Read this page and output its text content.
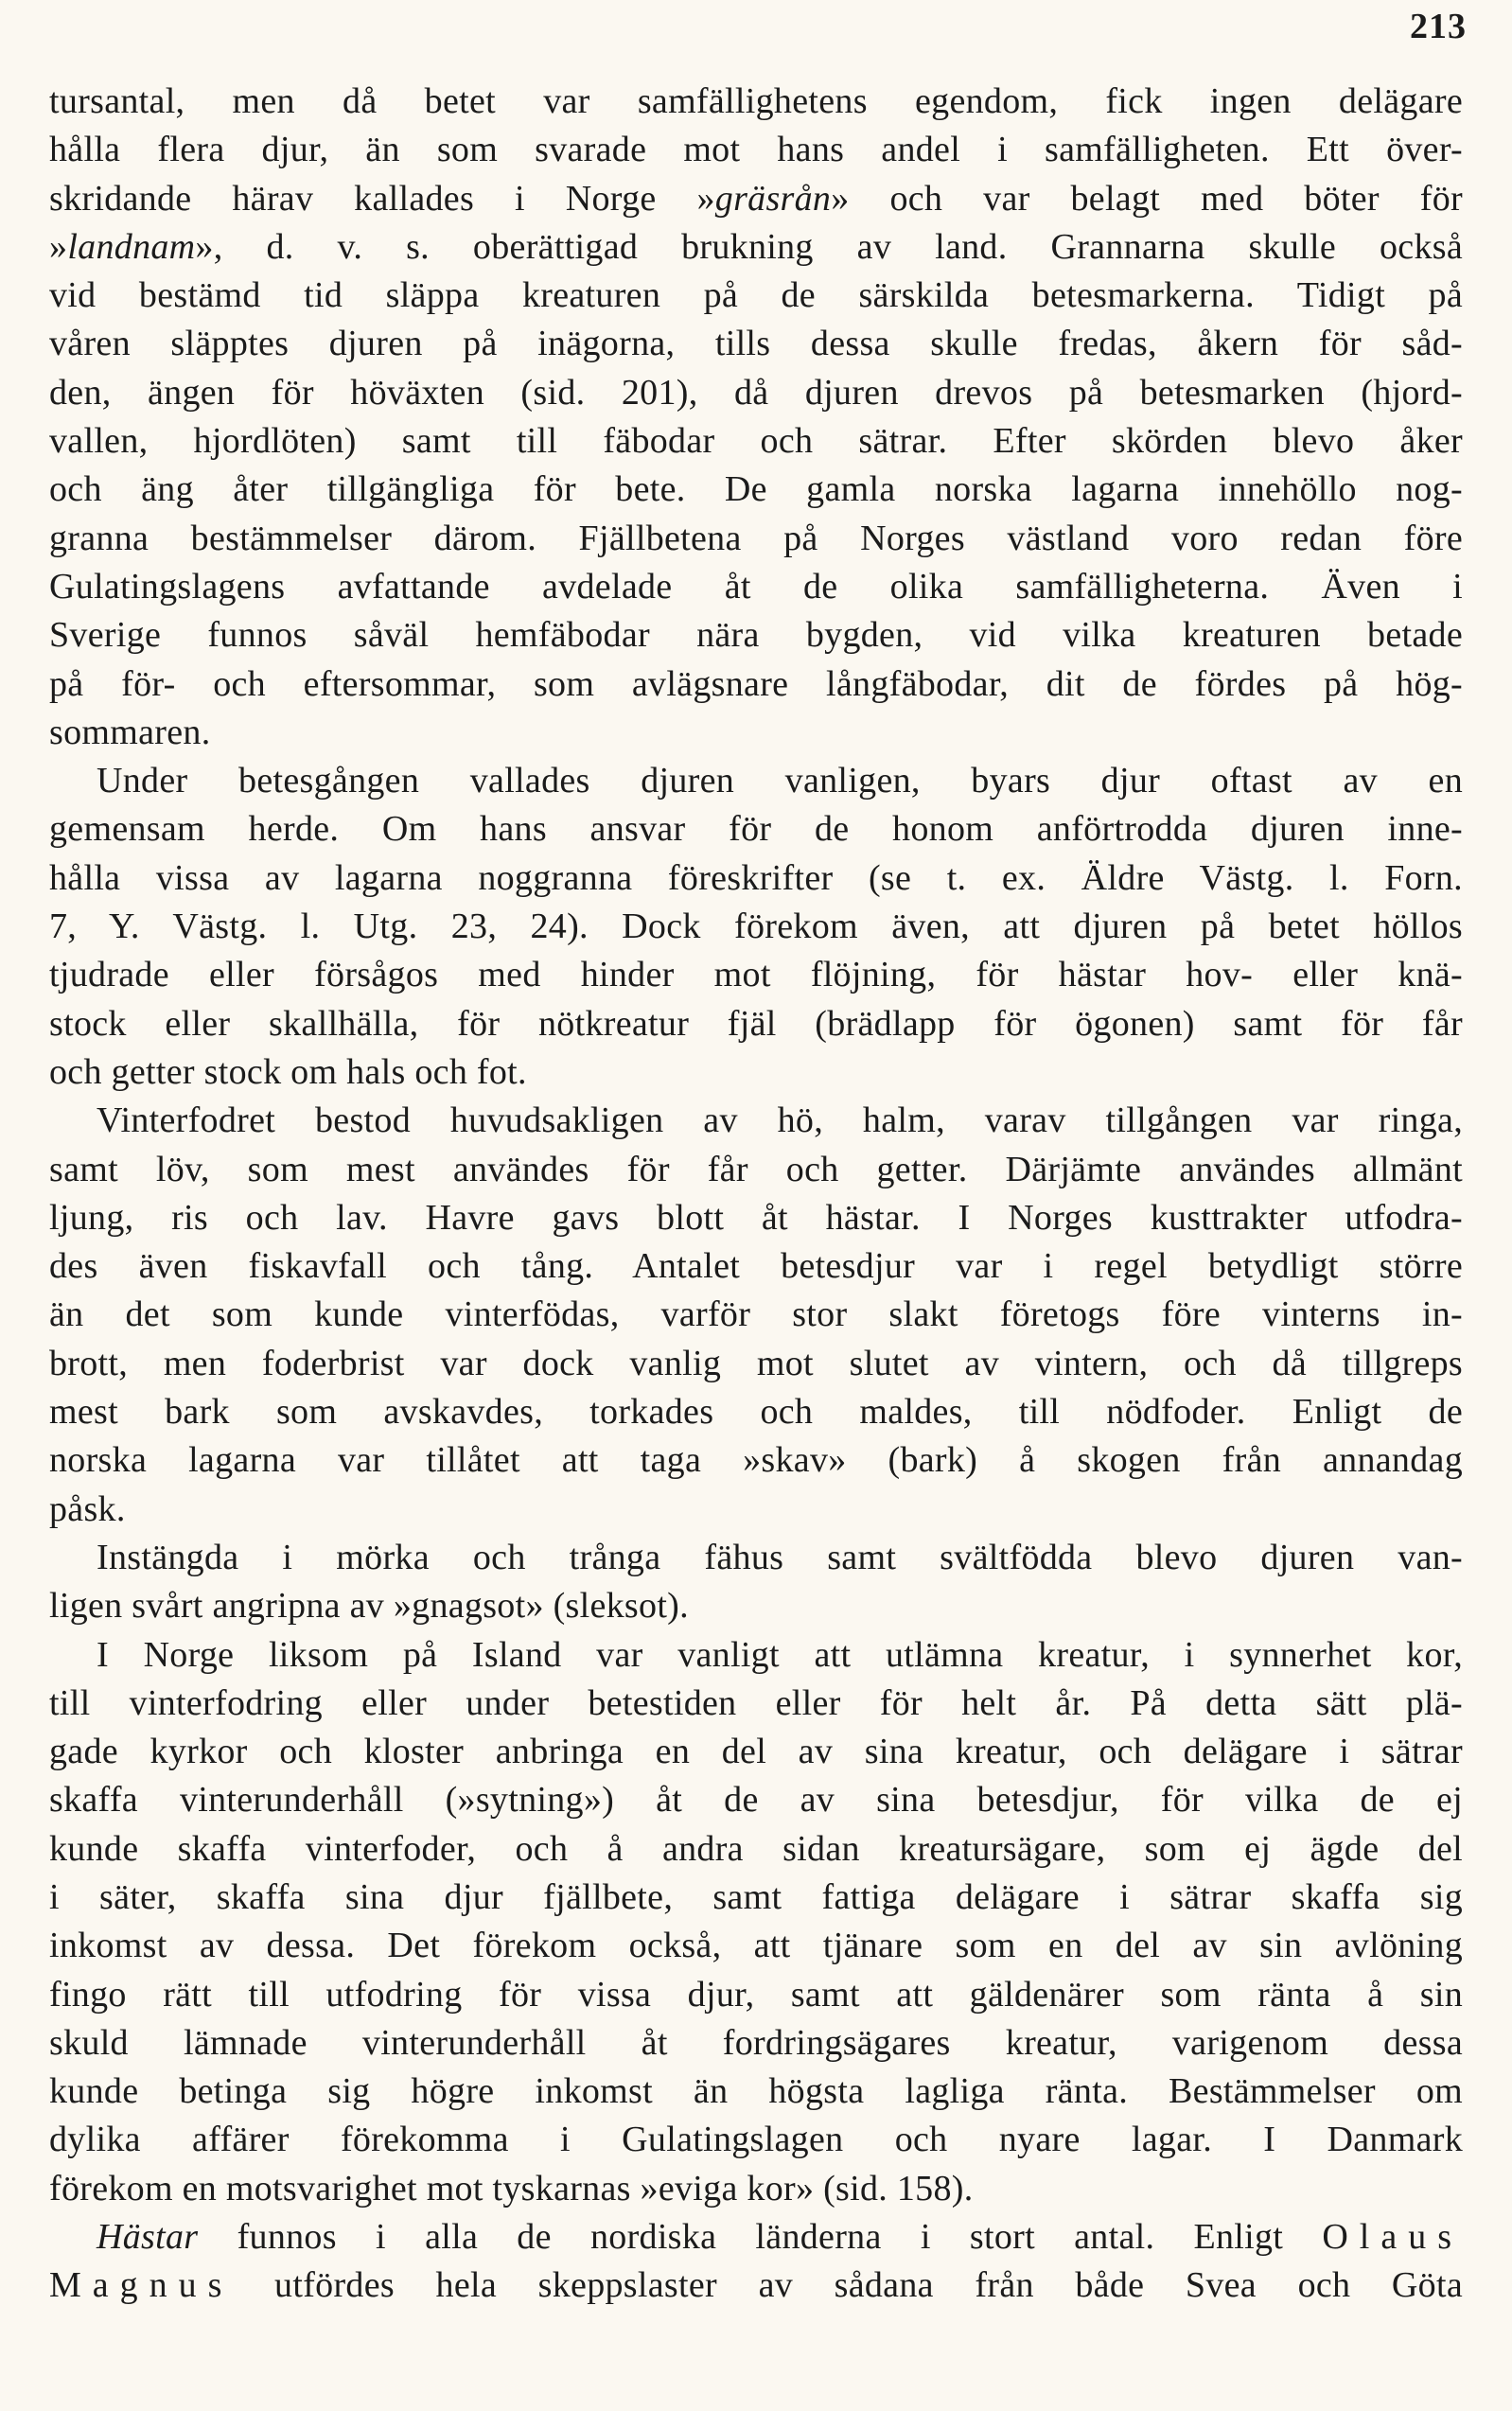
213
tursantal, men då betet var samfällighetens egendom, fick ingen delägare
hålla flera djur, än som svarade mot hans andel i samfälligheten. Ett över-
skridande härav kallades i Norge »gräsrån» och var belagt med böter för
»landnam», d. v. s. oberättigad brukning av land. Grannarna skulle också
vid bestämd tid släppa kreaturen på de särskilda betesmarkerna. Tidigt på
våren släpptes djuren på inägorna, tills dessa skulle fredas, åkern för såd-
den, ängen för höväxten (sid. 201), då djuren drevos på betesmarken (hjord-
vallen, hjordlöten) samt till fäbodar och sätrar. Efter skörden blevo åker
och äng åter tillgängliga för bete. De gamla norska lagarna innehöllo nog-
granna bestämmelser därom. Fjällbetena på Norges västland voro redan före
Gulatingslagens avfattande avdelade åt de olika samfälligheterna. Även i
Sverige funnos såväl hemfäbodar nära bygden, vid vilka kreaturen betade
på för- och eftersommar, som avlägsnare långfäbodar, dit de fördes på hög-
sommaren.
Under betesgången vallades djuren vanligen, byars djur oftast av en
gemensam herde. Om hans ansvar för de honom anförtrodda djuren inne-
hålla vissa av lagarna noggranna föreskrifter (se t. ex. Äldre Västg. l. Forn.
7, Y. Västg. l. Utg. 23, 24). Dock förekom även, att djuren på betet höllos
tjudrade eller försågos med hinder mot flöjning, för hästar hov- eller knä-
stock eller skallhälla, för nötkreatur fjäl (brädlapp för ögonen) samt för får
och getter stock om hals och fot.
Vinterfodret bestod huvudsakligen av hö, halm, varav tillgången var ringa,
samt löv, som mest användes för får och getter. Därjämte användes allmänt
ljung, ris och lav. Havre gavs blott åt hästar. I Norges kusttrakter utfodra-
des även fiskavfall och tång. Antalet betesdjur var i regel betydligt större
än det som kunde vinterfödas, varför stor slakt företogs före vinterns in-
brott, men foderbrist var dock vanlig mot slutet av vintern, och då tillgreps
mest bark som avskavdes, torkades och maldes, till nödfoder. Enligt de
norska lagarna var tillåtet att taga »skav» (bark) å skogen från annandag
påsk.
Instängda i mörka och trånga fähus samt svältfödda blevo djuren van-
ligen svårt angripna av »gnagsot» (sleksot).
I Norge liksom på Island var vanligt att utlämna kreatur, i synnerhet kor,
till vinterfodring eller under betestiden eller för helt år. På detta sätt plä-
gade kyrkor och kloster anbringa en del av sina kreatur, och delägare i sätrar
skaffa vinterunderhåll (»sytning») åt de av sina betesdjur, för vilka de ej
kunde skaffa vinterfoder, och å andra sidan kreatursägare, som ej ägde del
i säter, skaffa sina djur fjällbete, samt fattiga delägare i sätrar skaffa sig
inkomst av dessa. Det förekom också, att tjänare som en del av sin avlöning
fingo rätt till utfodring för vissa djur, samt att gäldenärer som ränta å sin
skuld lämnade vinterunderhåll åt fordringsägares kreatur, varigenom dessa
kunde betinga sig högre inkomst än högsta lagliga ränta. Bestämmelser om
dylika affärer förekomma i Gulatingslagen och nyare lagar. I Danmark
förekom en motsvarighet mot tyskarnas »eviga kor» (sid. 158).
Hästar funnos i alla de nordiska länderna i stort antal. Enligt Olaus
Magnus utfördes hela skeppslaster av sådana från både Svea och Göta
